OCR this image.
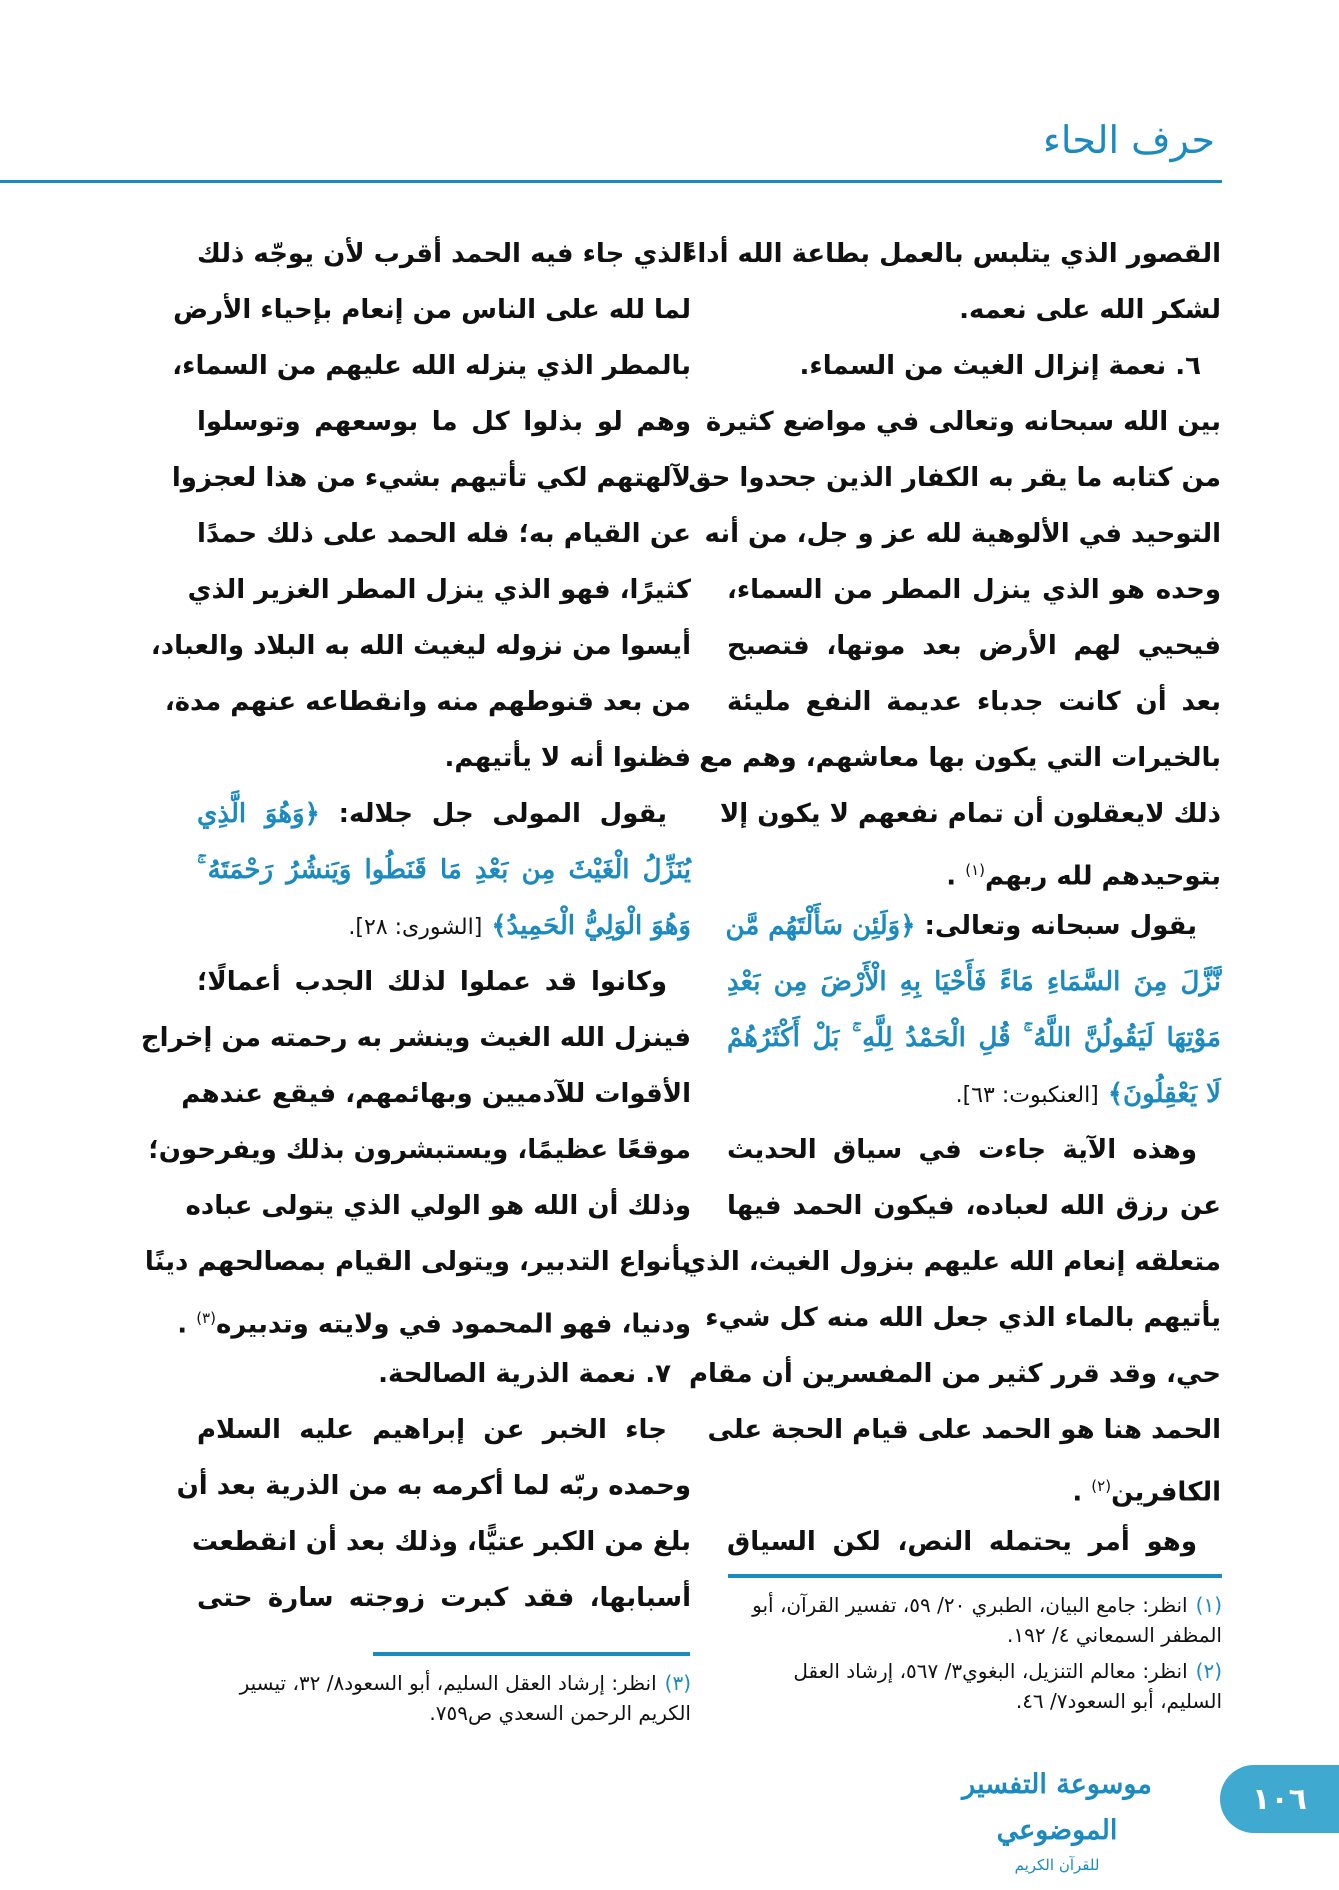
حرف الحاء
القصور الذي يتلبس بالعمل بطاعة الله أداءً
لشكر الله على نعمه.
٦. نعمة إنزال الغيث من السماء.
بين الله سبحانه وتعالى في مواضع كثيرة
من كتابه ما يقر به الكفار الذين جحدوا حق
التوحيد في الألوهية لله عز و جل، من أنه
وحده هو الذي ينزل المطر من السماء،
فيحيي لهم الأرض بعد موتها، فتصبح
بعد أن كانت جدباء عديمة النفع مليئة
بالخيرات التي يكون بها معاشهم، وهم مع
ذلك لايعقلون أن تمام نفعهم لا يكون إلا
بتوحيدهم لله ربهم$^{(١)}$ .
يقول سبحانه وتعالى: ﴿وَلَئِن سَأَلْتَهُم مَّن
نَّزَّلَ مِنَ السَّمَاءِ مَاءً فَأَحْيَا بِهِ الْأَرْضَ مِن بَعْدِ
مَوْتِهَا لَيَقُولُنَّ اللَّهُ ۚ قُلِ الْحَمْدُ لِلَّهِ ۚ بَلْ أَكْثَرُهُمْ
لَا يَعْقِلُونَ﴾ [العنكبوت: ٦٣].
وهذه الآية جاءت في سياق الحديث
عن رزق الله لعباده، فيكون الحمد فيها
متعلقه إنعام الله عليهم بنزول الغيث، الذي
يأتيهم بالماء الذي جعل الله منه كل شيء
حي، وقد قرر كثير من المفسرين أن مقام
الحمد هنا هو الحمد على قيام الحجة على
الكافرين$^{(٢)}$ .
وهو أمر يحتمله النص، لكن السياق
الذي جاء فيه الحمد أقرب لأن يوجّه ذلك
لما لله على الناس من إنعام بإحياء الأرض
بالمطر الذي ينزله الله عليهم من السماء،
وهم لو بذلوا كل ما بوسعهم وتوسلوا
لآلهتهم لكي تأتيهم بشيء من هذا لعجزوا
عن القيام به؛ فله الحمد على ذلك حمدًا
كثيرًا، فهو الذي ينزل المطر الغزير الذي
أيسوا من نزوله ليغيث الله به البلاد والعباد،
من بعد قنوطهم منه وانقطاعه عنهم مدة،
فظنوا أنه لا يأتيهم.
يقول المولى جل جلاله: ﴿وَهُوَ الَّذِي
يُنَزِّلُ الْغَيْثَ مِن بَعْدِ مَا قَنَطُوا وَيَنشُرُ رَحْمَتَهُ ۚ
وَهُوَ الْوَلِيُّ الْحَمِيدُ﴾ [الشورى: ٢٨].
وكانوا قد عملوا لذلك الجدب أعمالًا؛
فينزل الله الغيث وينشر به رحمته من إخراج
الأقوات للآدميين وبهائمهم، فيقع عندهم
موقعًا عظيمًا، ويستبشرون بذلك ويفرحون؛
وذلك أن الله هو الولي الذي يتولى عباده
بأنواع التدبير، ويتولى القيام بمصالحهم دينًا
ودنيا، فهو المحمود في ولايته وتدبيره$^{(٣)}$ .
٧. نعمة الذرية الصالحة.
جاء الخبر عن إبراهيم عليه السلام
وحمده ربّه لما أكرمه به من الذرية بعد أن
بلغ من الكبر عتيًّا، وذلك بعد أن انقطعت
أسبابها، فقد كبرت زوجته سارة حتى	(١)انظر: جامع البيان، الطبري ٢٠/ ٥٩، تفسير القرآن، أبو المظفر السمعاني ٤/ ١٩٢.
(٢)انظر: معالم التنزيل، البغوي٣/ ٥٦٧، إرشاد العقل السليم، أبو السعود٧/ ٤٦.
(٣)انظر: إرشاد العقل السليم، أبو السعود٨/ ٣٢، تيسير الكريم الرحمن السعدي ص٧٥٩.
موسوعة التفسير الموضوعي
للقرآن الكريم
١٠٦
